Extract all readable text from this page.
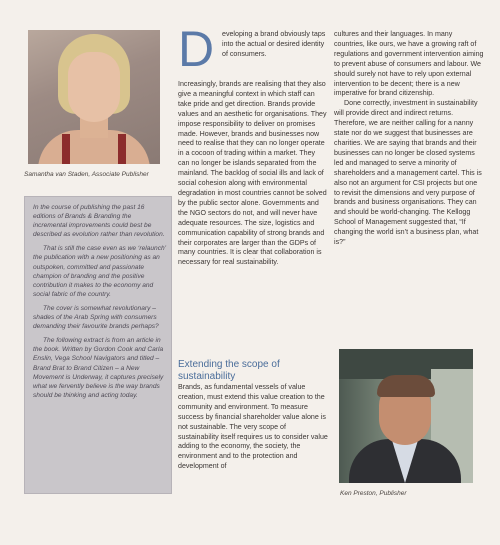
Samantha van Staden, Associate Publisher

In the course of publishing the past 16 editions of Brands & Branding the incremental improvements could best be described as evolution rather than revolution.

That is still the case even as we ‘relaunch’ the publication with a new positioning as an outspoken, committed and passionate champion of branding and the positive contribution it makes to the economy and social fabric of the country.

The cover is somewhat revolutionary – shades of the Arab Spring with consumers demanding their favourite brands perhaps?

The following extract is from an article in the book. Written by Gordon Cook and Carla Enslin, Vega School Navigators and titled – Brand Brat to Brand Citizen – a New Movement is Underway, it captures precisely what we fervently believe is the way brands should be thinking and acting today.

D	eveloping a brand obviously taps into the actual or desired identity of consumers.
Increasingly, brands are realising that they also give a meaningful context in which staff can take pride and get direction. Brands provide values and an aesthetic for organisations. They impose responsibility to deliver on promises made. However, brands and businesses now need to realise that they can no longer operate in a cocoon of trading within a market. They can no longer be islands separated from the mainland. The backlog of social ills and lack of social cohesion along with environmental degradation in most countries cannot be solved by the public sector alone. Governments and the NGO sectors do not, and will never have adequate resources. The size, logistics and communication capability of strong brands and their corporates are larger than the GDPs of many countries. It is clear that collaboration is necessary for real sustainability.
Extending the scope of sustainability
Brands, as fundamental vessels of value creation, must extend this value creation to the community and environment. To measure success by financial shareholder value alone is not sustainable. The very scope of sustainability itself requires us to consider value adding to the economy, the society, the environment and to the protection and development of

cultures and their languages. In many countries, like ours, we have a growing raft of regulations and government intervention aiming to prevent abuse of consumers and labour. We should surely not have to rely upon external intervention to be decent; there is a new imperative for brand citizenship.

Done correctly, investment in sustainability will provide direct and indirect returns. Therefore, we are neither calling for a nanny state nor do we suggest that businesses are charities. We are saying that brands and their businesses can no longer be closed systems led and managed to serve a minority of shareholders and a management cartel. This is also not an argument for CSI projects but one to revisit the dimensions and very purpose of brands and business organisations. They can and should be world-changing. The Kellogg School of Management suggested that, “If changing the world isn’t a business plan, what is?”

Ken Preston, Publisher
